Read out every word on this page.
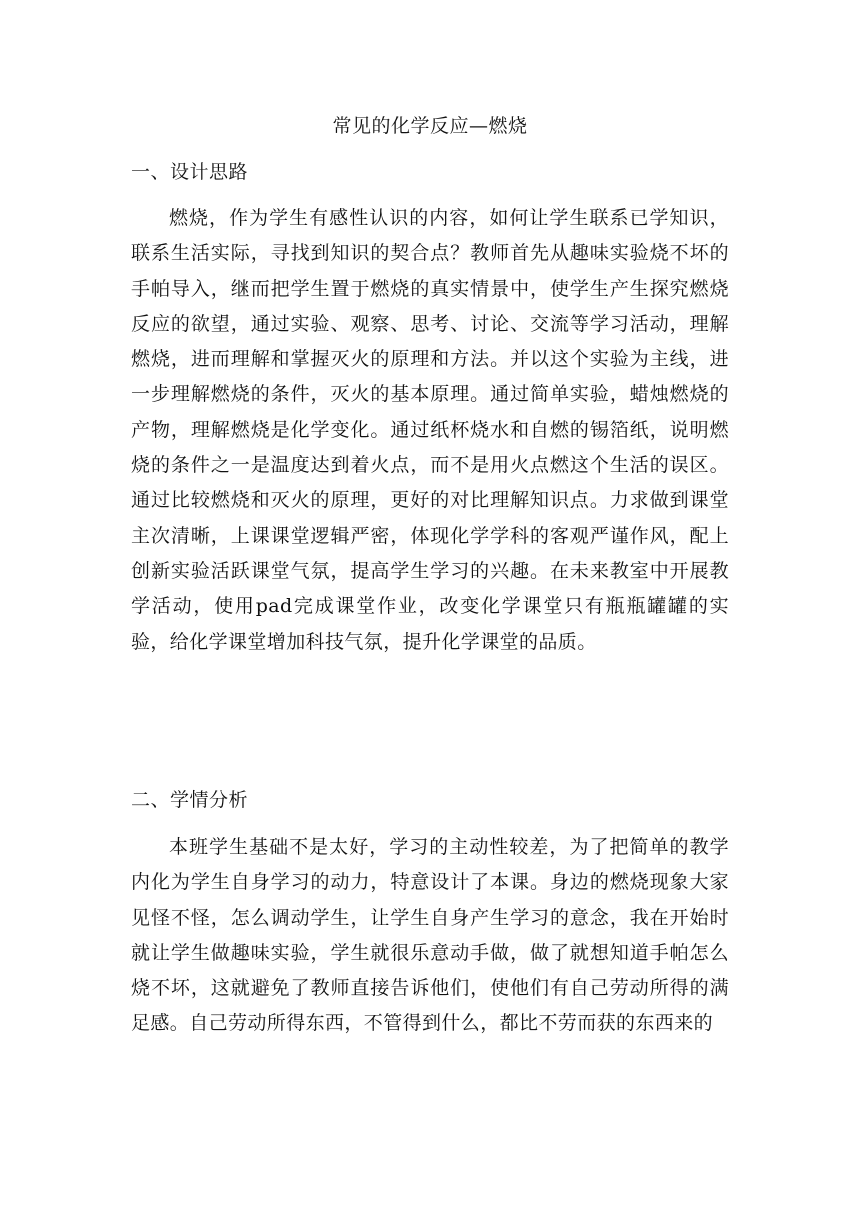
常见的化学反应—燃烧
一、设计思路

燃烧，作为学生有感性认识的内容，如何让学生联系已学知识，联系生活实际，寻找到知识的契合点？教师首先从趣味实验烧不坏的手帕导入，继而把学生置于燃烧的真实情景中，使学生产生探究燃烧反应的欲望，通过实验、观察、思考、讨论、交流等学习活动，理解燃烧，进而理解和掌握灭火的原理和方法。并以这个实验为主线，进一步理解燃烧的条件，灭火的基本原理。通过简单实验，蜡烛燃烧的产物，理解燃烧是化学变化。通过纸杯烧水和自燃的锡箔纸，说明燃烧的条件之一是温度达到着火点，而不是用火点燃这个生活的误区。通过比较燃烧和灭火的原理，更好的对比理解知识点。力求做到课堂主次清晰，上课课堂逻辑严密，体现化学学科的客观严谨作风，配上创新实验活跃课堂气氛，提高学生学习的兴趣。在未来教室中开展教学活动，使用pad完成课堂作业，改变化学课堂只有瓶瓶罐罐的实验，给化学课堂增加科技气氛，提升化学课堂的品质。

二、学情分析

本班学生基础不是太好，学习的主动性较差，为了把简单的教学内化为学生自身学习的动力，特意设计了本课。身边的燃烧现象大家见怪不怪，怎么调动学生，让学生自身产生学习的意念，我在开始时就让学生做趣味实验，学生就很乐意动手做，做了就想知道手帕怎么烧不坏，这就避免了教师直接告诉他们，使他们有自己劳动所得的满足感。自己劳动所得东西，不管得到什么，都比不劳而获的东西来的
